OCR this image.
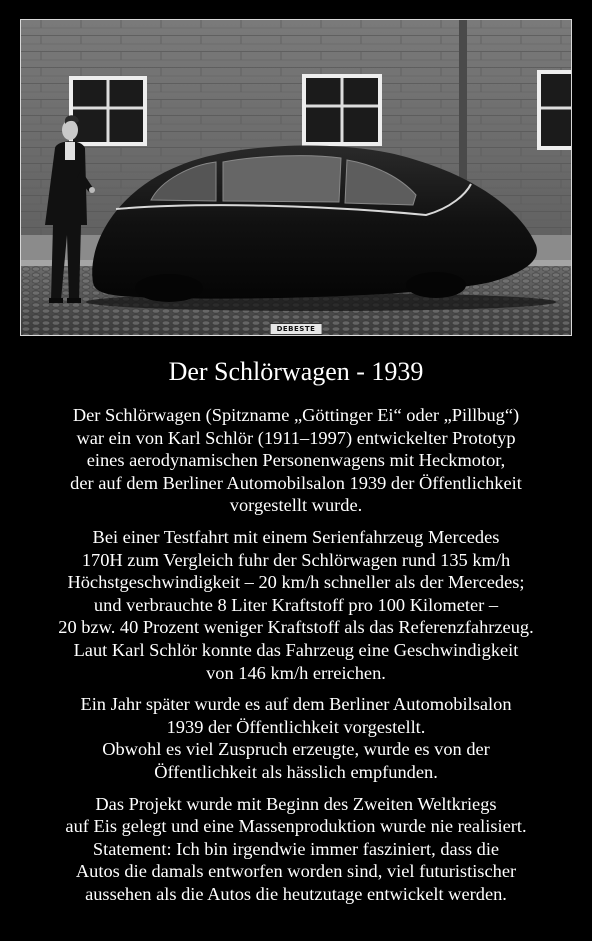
DEBESTE
Der Schlörwagen - 1939

Der Schlörwagen (Spitzname „Göttinger Ei“ oder „Pillbug“)
war ein von Karl Schlör (1911–1997) entwickelter Prototyp
eines aerodynamischen Personenwagens mit Heckmotor,
der auf dem Berliner Automobilsalon 1939 der Öffentlichkeit
vorgestellt wurde.

Bei einer Testfahrt mit einem Serienfahrzeug Mercedes
170H zum Vergleich fuhr der Schlörwagen rund 135 km/h
Höchstgeschwindigkeit – 20 km/h schneller als der Mercedes;
und verbrauchte 8 Liter Kraftstoff pro 100 Kilometer –
20 bzw. 40 Prozent weniger Kraftstoff als das Referenzfahrzeug.
Laut Karl Schlör konnte das Fahrzeug eine Geschwindigkeit
von 146 km/h erreichen.

Ein Jahr später wurde es auf dem Berliner Automobilsalon
1939 der Öffentlichkeit vorgestellt.
Obwohl es viel Zuspruch erzeugte, wurde es von der
Öffentlichkeit als hässlich empfunden.

Das Projekt wurde mit Beginn des Zweiten Weltkriegs
auf Eis gelegt und eine Massenproduktion wurde nie realisiert.
Statement: Ich bin irgendwie immer fasziniert, dass die
Autos die damals entworfen worden sind, viel futuristischer
aussehen als die Autos die heutzutage entwickelt werden.
